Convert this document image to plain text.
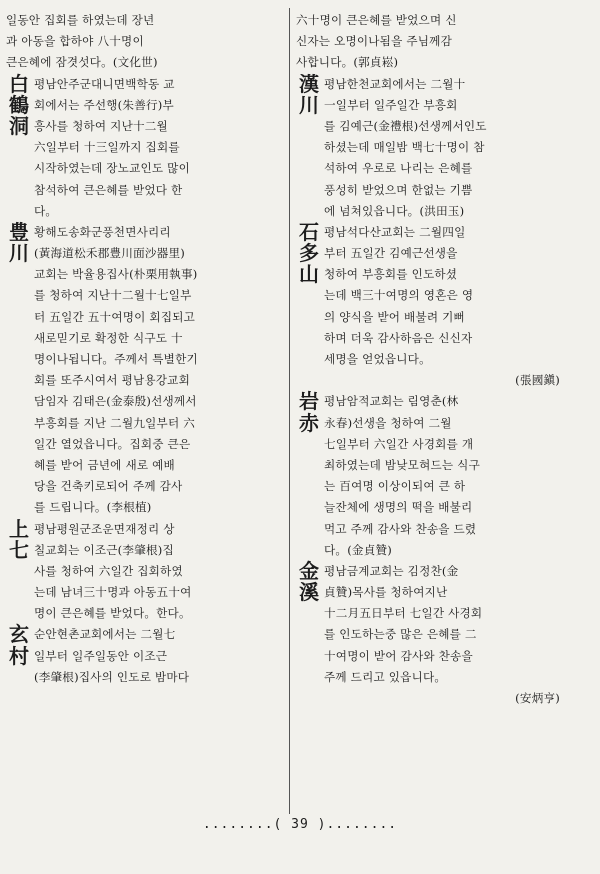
일동안 집회를 하였는데 장년
과 아동을 합하야 八十명이
큰은혜에 잠겻섯다。(文化世)
白
鶴
洞
평남안주군대니면백학동 교
회에서는 주선행(朱善行)부
흥사를 청하여 지난十二월
六일부터 十三일까지 집회를
시작하였는데 장노교인도 많이
참석하여 큰은혜를 받었다 한
다。
豊
川
황해도송화군풍천면사리리
(黃海道松禾郡豊川面沙器里)
교회는 박율용집사(朴栗用執事)
를 청하여 지난十二월十七일부
터 五일간 五十여명이 회집되고
새로믿기로 확정한 식구도 十
명이나됩니다。주께서 특별한기
회를 또주시여서 평남용강교회
담임자 김태은(金泰殷)선생께서
부흥회를 지난 二월九일부터 六
일간 열었읍니다。집회중 큰은
혜를 받어 금년에 새로 예배
당을 건축키로되어 주께 감사
를 드립니다。(李根植)
上
七
평남평원군조운면재정리 상
칠교회는 이조근(李肇根)집
사를 청하여 六일간 집회하였
는데 남녀三十명과 아동五十여
명이 큰은혜를 받었다。한다。
玄
村
순안현촌교회에서는 二월七
일부터 일주일동안 이조근
(李肇根)집사의 인도로 밤마다
六十명이 큰은혜를 받었으며 신
신자는 오명이나됨을 주님께감
사합니다。(郭貞崧)
漢
川
평남한천교회에서는 二월十
一일부터 일주일간 부흥회
를 김예근(金禮根)선생께서인도
하셨는데 매일밤 백七十명이 참
석하여 우로로 나리는 은혜를
풍성히 받었으며 한없는 기쁨
에 넘쳐있읍니다。(洪田玉)
石
多
山
평남석다산교회는 二월四일
부터 五일간 김예근선생을
청하여 부흥회를 인도하셨
는데 백三十여명의 영혼은 영
의 양식을 받어 배불려 기뻐
하며 더욱 감사하음은 신신자
세명을 얻었읍니다。
(張國鎭)
岩
赤
평남암적교회는 림영춘(林
永春)선생을 청하여 二월
七일부터 六일간 사경회를 개
최하였는데 밤낮모혀드는 식구
는 百여명 이상이되여 큰 하
늘잔체에 생명의 떡을 배불리
먹고 주께 감사와 찬송을 드렸
다。(金貞贊)
金
溪
평남금계교회는 김정찬(金
貞贊)목사를 청하여지난
十二月五日부터 七일간 사경회
를 인도하는중 많은 은혜를 二
十여명이 받어 감사와 찬송을
주께 드리고 있읍니다。
(安炳亨)
........( 39 )........
